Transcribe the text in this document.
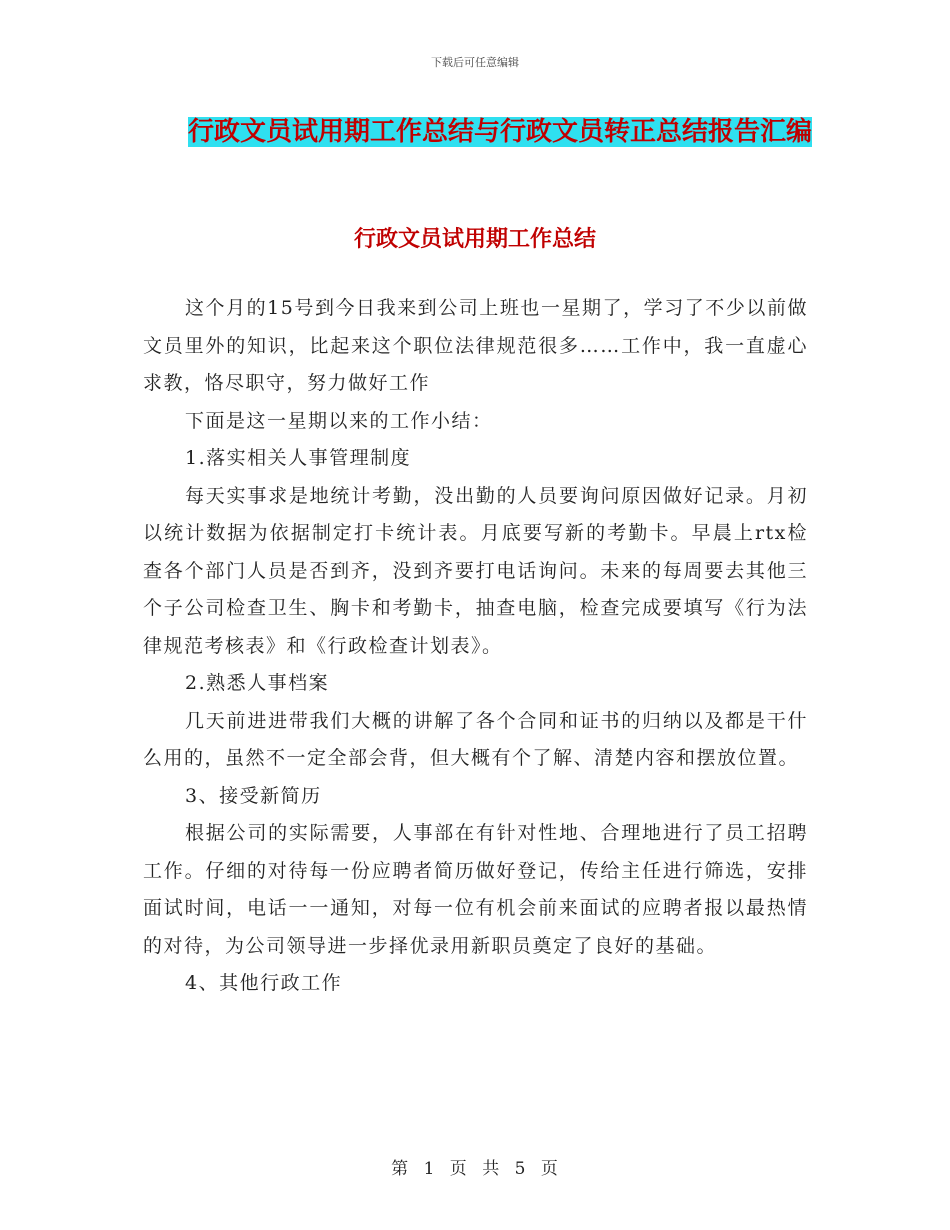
下载后可任意编辑
行政文员试用期工作总结与行政文员转正总结报告汇编
行政文员试用期工作总结

这个月的15号到今日我来到公司上班也一星期了，学习了不少以前做文员里外的知识，比起来这个职位法律规范很多……工作中，我一直虚心求教，恪尽职守，努力做好工作

下面是这一星期以来的工作小结：

1.落实相关人事管理制度

每天实事求是地统计考勤，没出勤的人员要询问原因做好记录。月初以统计数据为依据制定打卡统计表。月底要写新的考勤卡。早晨上rtx检查各个部门人员是否到齐，没到齐要打电话询问。未来的每周要去其他三个子公司检查卫生、胸卡和考勤卡，抽查电脑，检查完成要填写《行为法律规范考核表》和《行政检查计划表》。

2.熟悉人事档案

几天前进进带我们大概的讲解了各个合同和证书的归纳以及都是干什么用的，虽然不一定全部会背，但大概有个了解、清楚内容和摆放位置。

3、接受新简历

根据公司的实际需要，人事部在有针对性地、合理地进行了员工招聘工作。仔细的对待每一份应聘者简历做好登记，传给主任进行筛选，安排面试时间，电话一一通知，对每一位有机会前来面试的应聘者报以最热情的对待，为公司领导进一步择优录用新职员奠定了良好的基础。

4、其他行政工作

第 1 页 共 5 页
